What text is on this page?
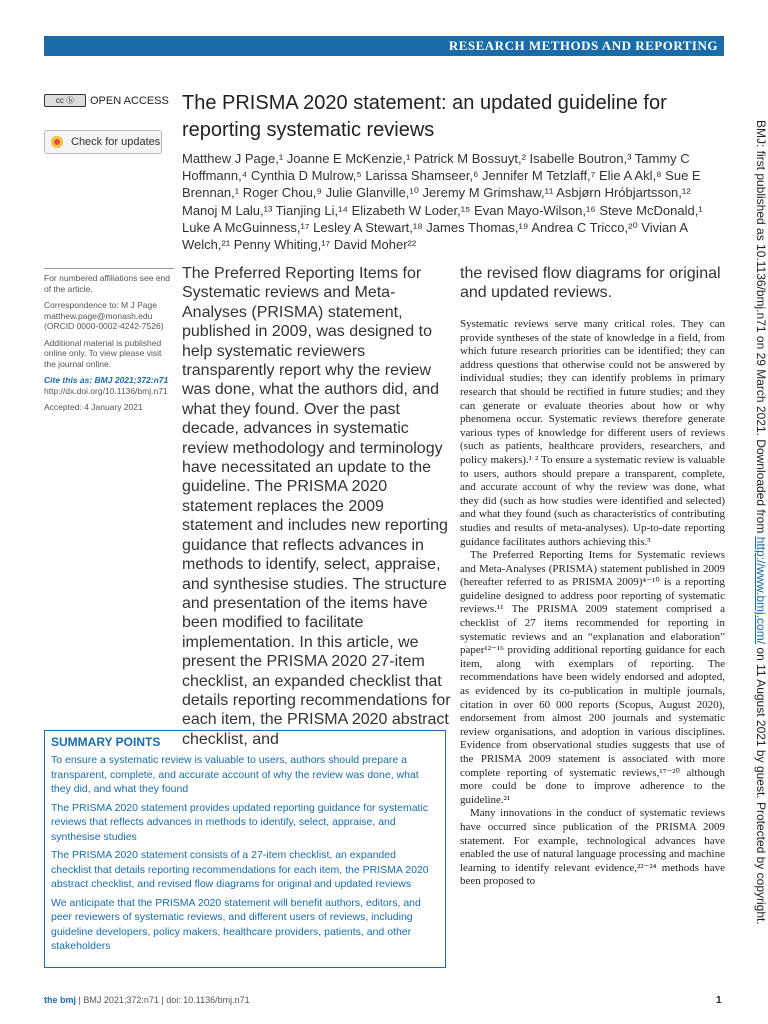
RESEARCH METHODS AND REPORTING
cc ⓑ	OPEN ACCESS
Check for updates
The PRISMA 2020 statement: an updated guideline for reporting systematic reviews
Matthew J Page,¹ Joanne E McKenzie,¹ Patrick M Bossuyt,² Isabelle Boutron,³ Tammy C Hoffmann,⁴ Cynthia D Mulrow,⁵ Larissa Shamseer,⁶ Jennifer M Tetzlaff,⁷ Elie A Akl,⁸ Sue E Brennan,¹ Roger Chou,⁹ Julie Glanville,¹⁰ Jeremy M Grimshaw,¹¹ Asbjørn Hróbjartsson,¹² Manoj M Lalu,¹³ Tianjing Li,¹⁴ Elizabeth W Loder,¹⁵ Evan Mayo-Wilson,¹⁶ Steve McDonald,¹ Luke A McGuinness,¹⁷ Lesley A Stewart,¹⁸ James Thomas,¹⁹ Andrea C Tricco,²⁰ Vivian A Welch,²¹ Penny Whiting,¹⁷ David Moher²²

For numbered affiliations see end of the article.

Correspondence to: M J Page
matthew.page@monash.edu
(ORCID 0000-0002-4242-7526)

Additional material is published online only. To view please visit the journal online.

Cite this as: BMJ 2021;372:n71
http://dx.doi.org/10.1136/bmj.n71

Accepted: 4 January 2021

The Preferred Reporting Items for Systematic reviews and Meta-Analyses (PRISMA) statement, published in 2009, was designed to help systematic reviewers transparently report why the review was done, what the authors did, and what they found. Over the past decade, advances in systematic review methodology and terminology have necessitated an update to the guideline. The PRISMA 2020 statement replaces the 2009 statement and includes new reporting guidance that reflects advances in methods to identify, select, appraise, and synthesise studies. The structure and presentation of the items have been modified to facilitate implementation. In this article, we present the PRISMA 2020 27-item checklist, an expanded checklist that details reporting recommendations for each item, the PRISMA 2020 abstract checklist, and

the revised flow diagrams for original and updated reviews.

Systematic reviews serve many critical roles. They can provide syntheses of the state of knowledge in a field, from which future research priorities can be identified; they can address questions that otherwise could not be answered by individual studies; they can identify problems in primary research that should be rectified in future studies; and they can generate or evaluate theories about how or why phenomena occur. Systematic reviews therefore generate various types of knowledge for different users of reviews (such as patients, healthcare providers, researchers, and policy makers).¹ ² To ensure a systematic review is valuable to users, authors should prepare a transparent, complete, and accurate account of why the review was done, what they did (such as how studies were identified and selected) and what they found (such as characteristics of contributing studies and results of meta-analyses). Up-to-date reporting guidance facilitates authors achieving this.³

The Preferred Reporting Items for Systematic reviews and Meta-Analyses (PRISMA) statement published in 2009 (hereafter referred to as PRISMA 2009)⁴⁻¹⁰ is a reporting guideline designed to address poor reporting of systematic reviews.¹¹ The PRISMA 2009 statement comprised a checklist of 27 items recommended for reporting in systematic reviews and an “explanation and elaboration” paper¹²⁻¹⁶ providing additional reporting guidance for each item, along with exemplars of reporting. The recommendations have been widely endorsed and adopted, as evidenced by its co-publication in multiple journals, citation in over 60 000 reports (Scopus, August 2020), endorsement from almost 200 journals and systematic review organisations, and adoption in various disciplines. Evidence from observational studies suggests that use of the PRISMA 2009 statement is associated with more complete reporting of systematic reviews,¹⁷⁻²⁰ although more could be done to improve adherence to the guideline.²¹

Many innovations in the conduct of systematic reviews have occurred since publication of the PRISMA 2009 statement. For example, technological advances have enabled the use of natural language processing and machine learning to identify relevant evidence,²²⁻²⁴ methods have been proposed to

SUMMARY POINTS

To ensure a systematic review is valuable to users, authors should prepare a transparent, complete, and accurate account of why the review was done, what they did, and what they found

The PRISMA 2020 statement provides updated reporting guidance for systematic reviews that reflects advances in methods to identify, select, appraise, and synthesise studies

The PRISMA 2020 statement consists of a 27-item checklist, an expanded checklist that details reporting recommendations for each item, the PRISMA 2020 abstract checklist, and revised flow diagrams for original and updated reviews

We anticipate that the PRISMA 2020 statement will benefit authors, editors, and peer reviewers of systematic reviews, and different users of reviews, including guideline developers, policy makers, healthcare providers, patients, and other stakeholders

BMJ: first published as 10.1136/bmj.n71 on 29 March 2021. Downloaded from http://www.bmj.com/ on 11 August 2021 by guest. Protected by copyright.
the bmj | BMJ 2021;372:n71 | doi: 10.1136/bmj.n71	1
